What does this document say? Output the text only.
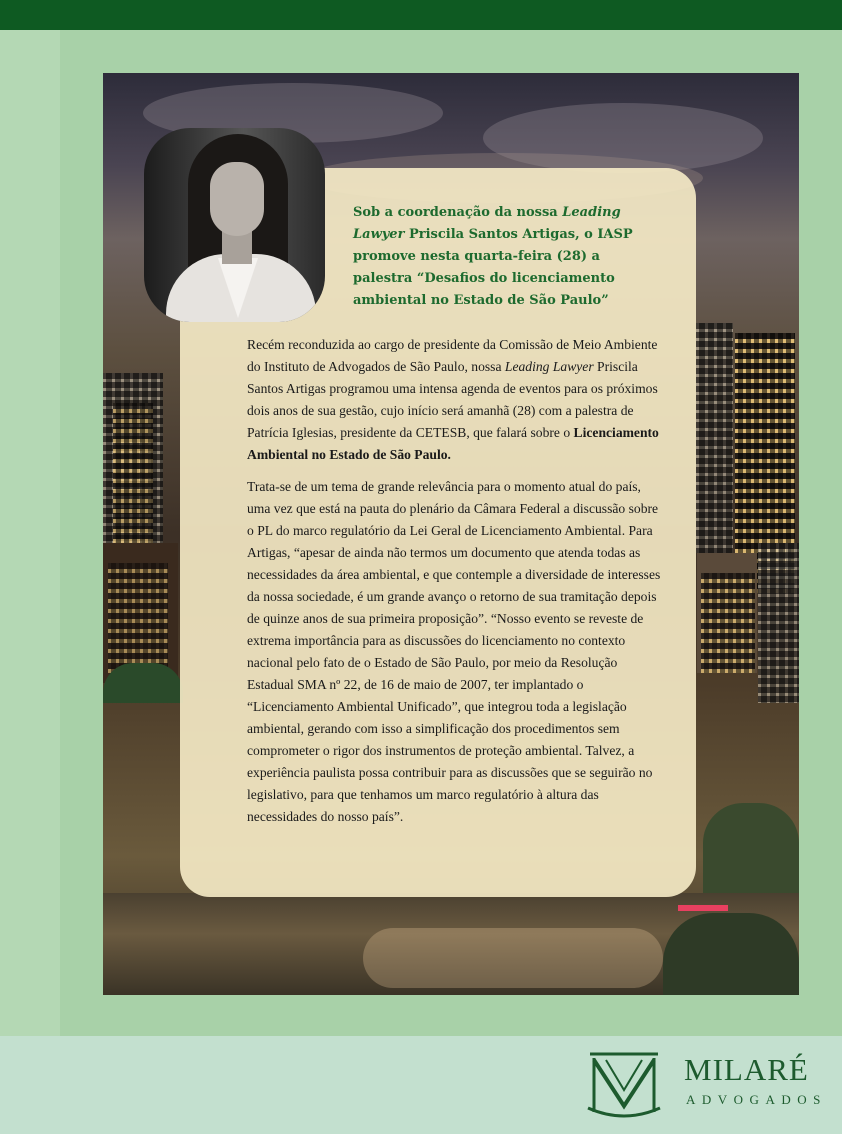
Sob a coordenação da nossa Leading Lawyer Priscila Santos Artigas, o IASP promove nesta quarta-feira (28) a palestra “Desafios do licenciamento ambiental no Estado de São Paulo”

Recém reconduzida ao cargo de presidente da Comissão de Meio Ambiente do Instituto de Advogados de São Paulo, nossa Leading Lawyer Priscila Santos Artigas programou uma intensa agenda de eventos para os próximos dois anos de sua gestão, cujo início será amanhã (28) com a palestra de Patrícia Iglesias, presidente da CETESB, que falará sobre o Licenciamento Ambiental no Estado de São Paulo.

Trata-se de um tema de grande relevância para o momento atual do país, uma vez que está na pauta do plenário da Câmara Federal a discussão sobre o PL do marco regulatório da Lei Geral de Licenciamento Ambiental. Para Artigas, “apesar de ainda não termos um documento que atenda todas as necessidades da área ambiental, e que contemple a diversidade de interesses da nossa sociedade, é um grande avanço o retorno de sua tramitação depois de quinze anos de sua primeira proposição”. “Nosso evento se reveste de extrema importância para as discussões do licenciamento no contexto nacional pelo fato de o Estado de São Paulo, por meio da Resolução Estadual SMA nº 22, de 16 de maio de 2007, ter implantado o “Licenciamento Ambiental Unificado”, que integrou toda a legislação ambiental, gerando com isso a simplificação dos procedimentos sem comprometer o rigor dos instrumentos de proteção ambiental. Talvez, a experiência paulista possa contribuir para as discussões que se seguirão no legislativo, para que tenhamos um marco regulatório à altura das necessidades do nosso país”.

MILARÉ
ADVOGADOS
